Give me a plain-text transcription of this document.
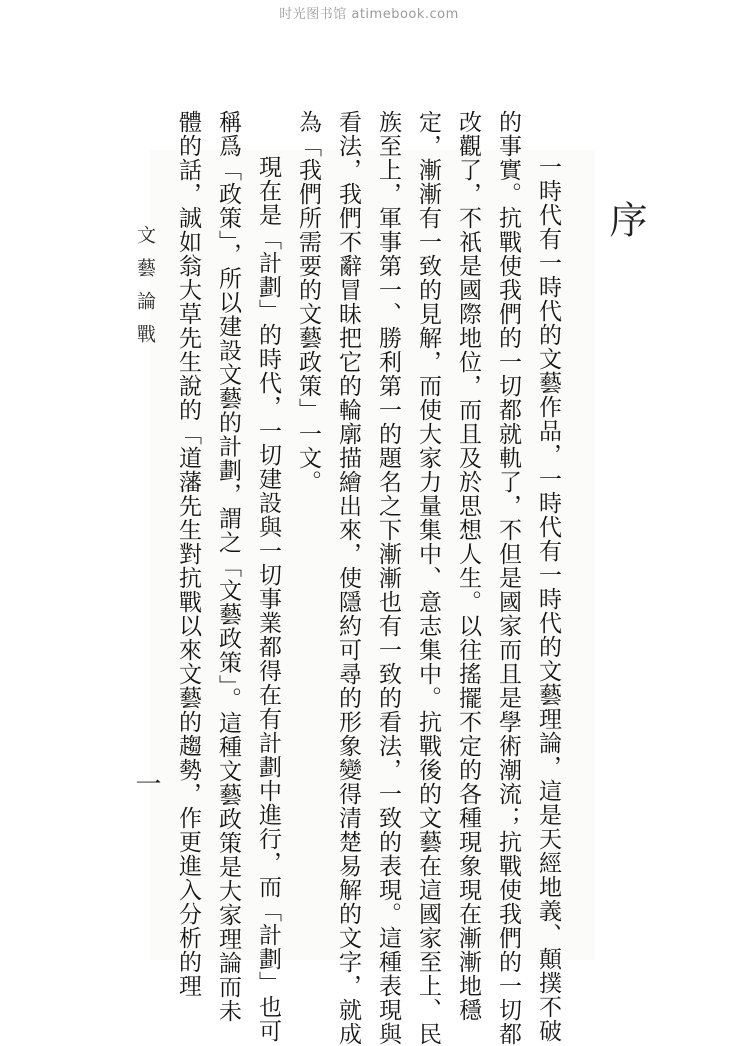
时光图书馆 atimebook.com
序
一時代有一時代的文藝作品，一時代有一時代的文藝理論，這是天經地義、顛撲不破
的事實。抗戰使我們的一切都就軌了，不但是國家而且是學術潮流；抗戰使我們的一切都
改觀了，不祇是國際地位，而且及於思想人生。以往搖擺不定的各種現象現在漸漸地穩
定，漸漸有一致的見解，而使大家力量集中、意志集中。抗戰後的文藝在這國家至上、民
族至上，軍事第一、勝利第一的題名之下漸漸也有一致的看法，一致的表現。這種表現與
看法，我們不辭冒昧把它的輪廓描繪出來，使隱約可尋的形象變得清楚易解的文字，就成
為「我們所需要的文藝政策」一文。
現在是「計劃」的時代，一切建設與一切事業都得在有計劃中進行，而「計劃」也可
稱爲「政策」，所以建設文藝的計劃，謂之「文藝政策」。這種文藝政策是大家理論而未
體的話，誠如翁大草先生說的「道藩先生對抗戰以來文藝的趨勢，作更進入分析的理
文藝論戰
一
